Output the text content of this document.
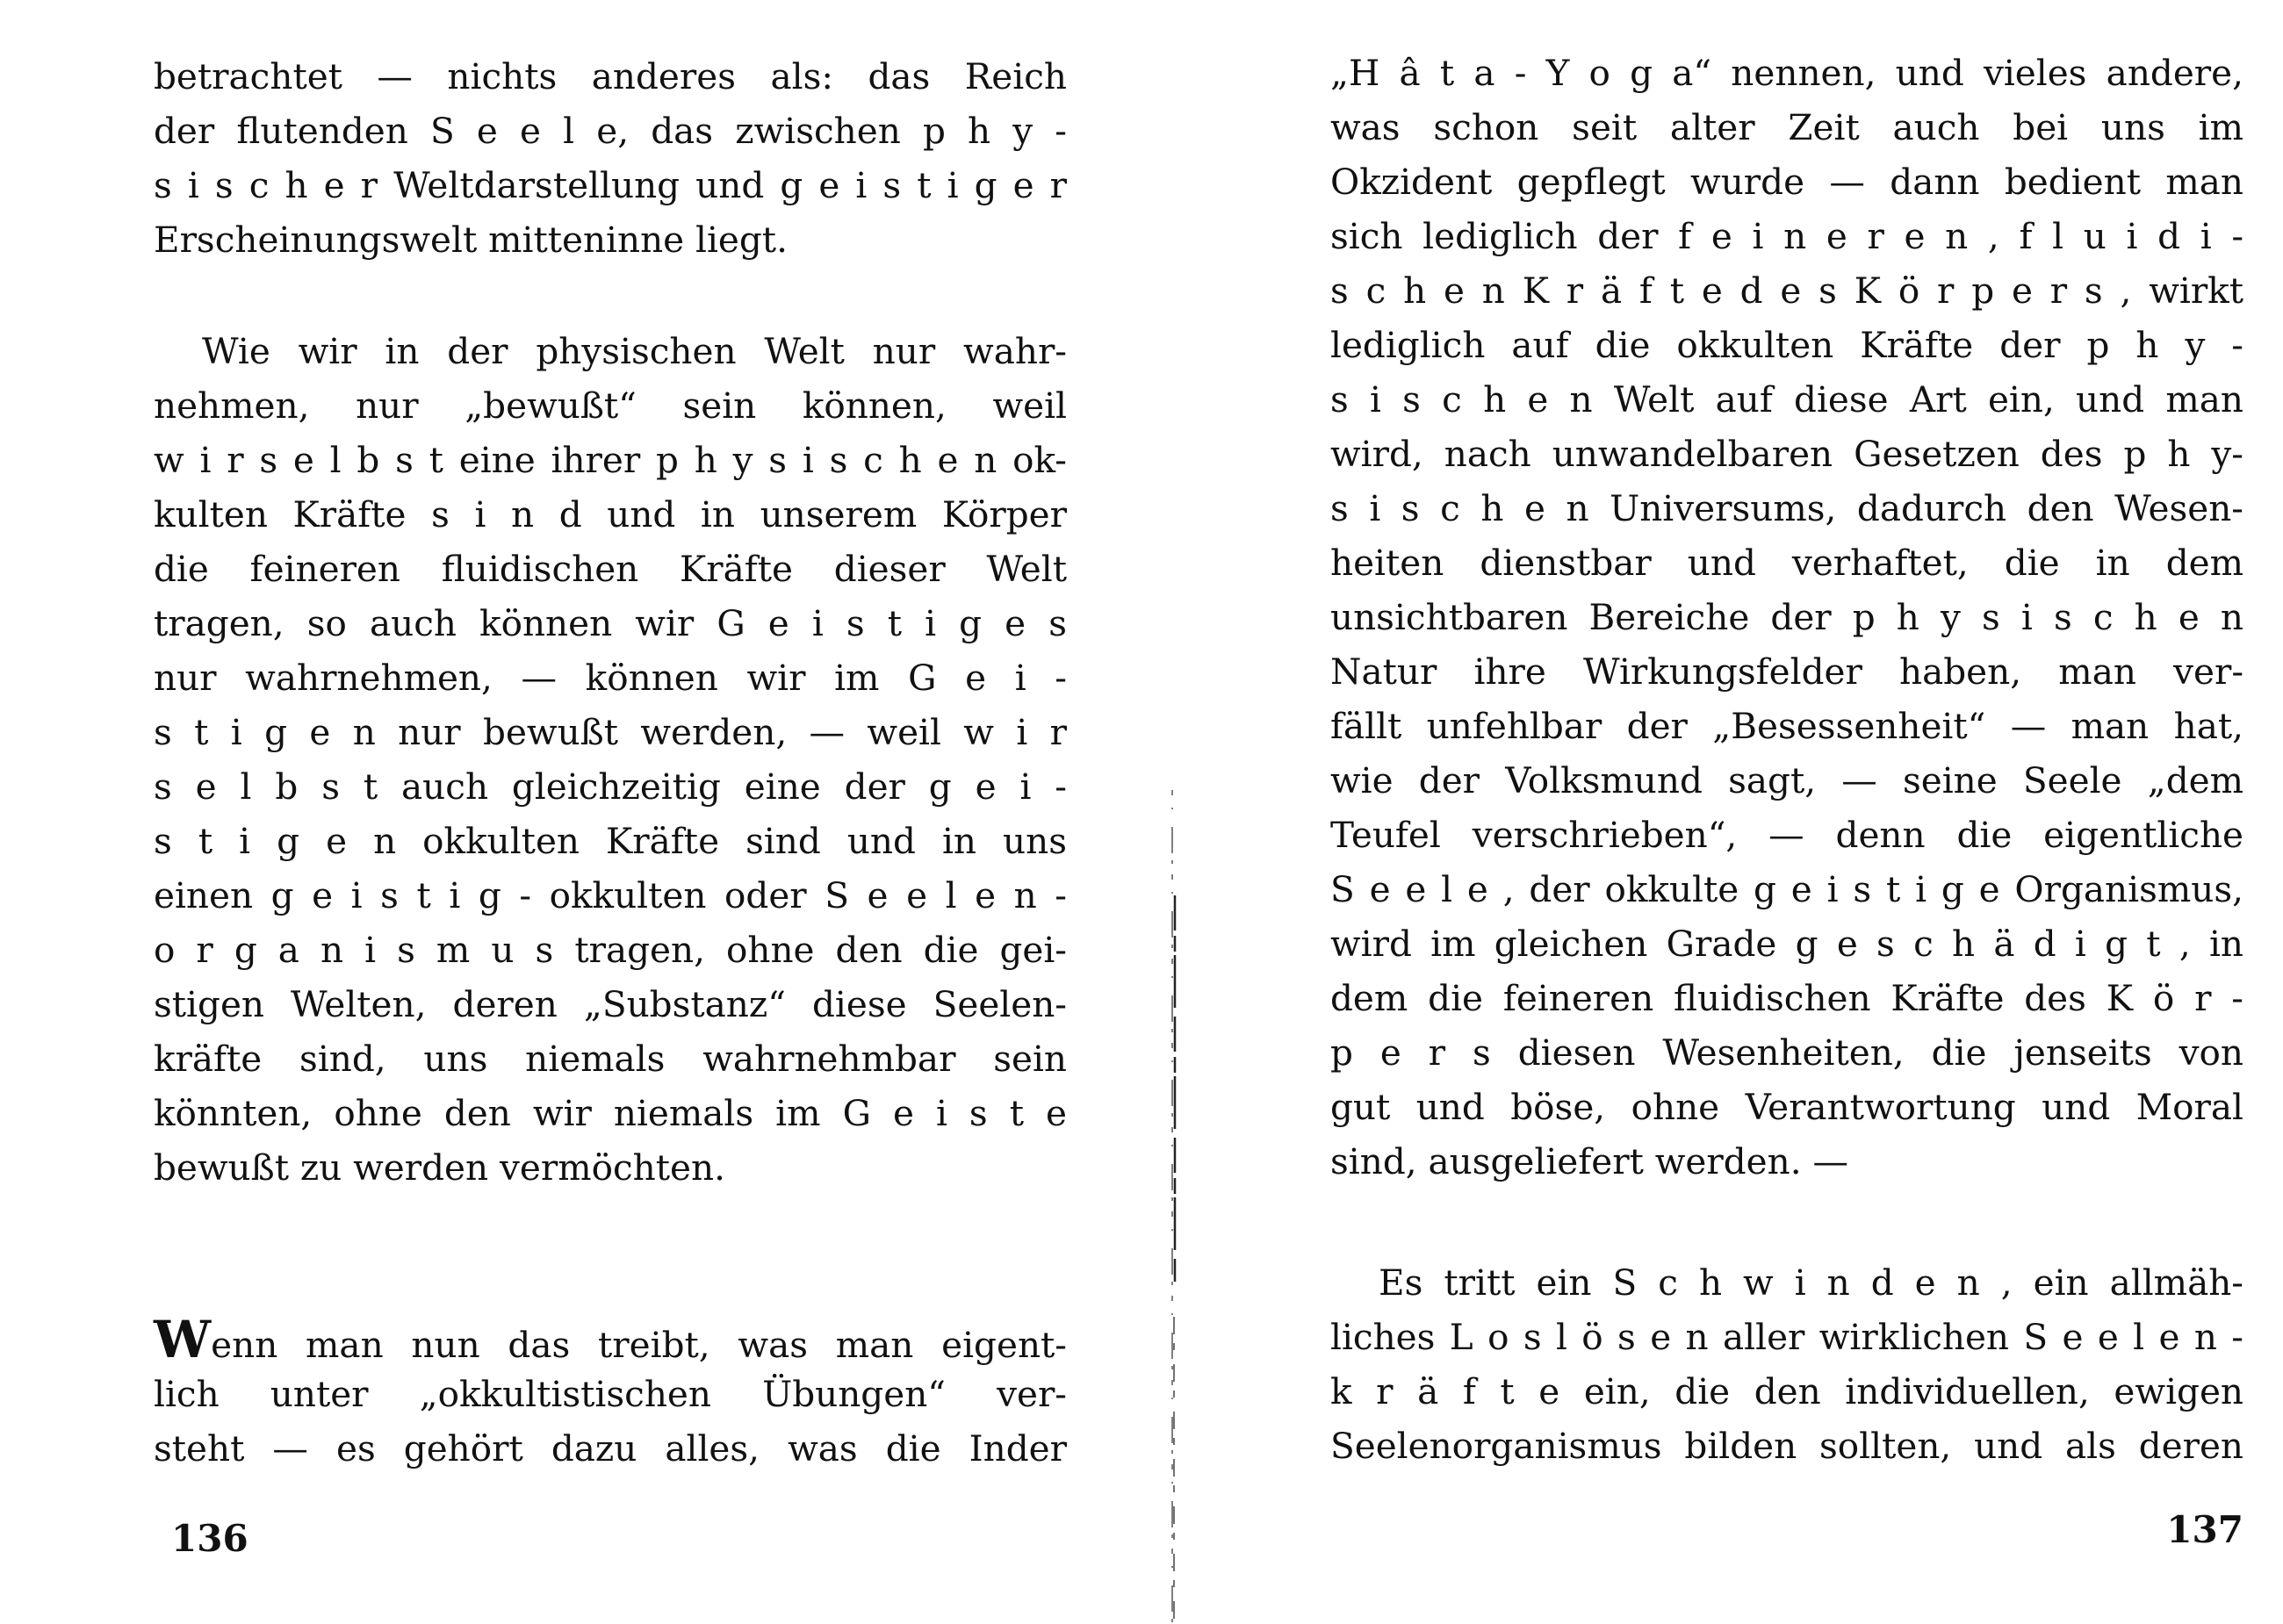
betrachtet — nichts anderes als: das Reich
der flutenden S e e l e, das zwischen p h y -
s i s c h e r Weltdarstellung und g e i s t i g e r
Erscheinungswelt mitteninne liegt.
Wie wir in der physischen Welt nur wahr-
nehmen, nur „bewußt“ sein können, weil
w i r s e l b s t eine ihrer p h y s i s c h e n ok-
kulten Kräfte s i n d und in unserem Körper
die feineren fluidischen Kräfte dieser Welt
tragen, so auch können wir G e i s t i g e s
nur wahrnehmen, — können wir im G e i -
s t i g e n nur bewußt werden, — weil w i r
s e l b s t auch gleichzeitig eine der g e i -
s t i g e n okkulten Kräfte sind und in uns
einen g e i s t i g - okkulten oder S e e l e n -
o r g a n i s m u s tragen, ohne den die gei-
stigen Welten, deren „Substanz“ diese Seelen-
kräfte sind, uns niemals wahrnehmbar sein
könnten, ohne den wir niemals im G e i s t e
bewußt zu werden vermöchten.
Wenn man nun das treibt, was man eigent-
lich unter „okkultistischen Übungen“ ver-
steht — es gehört dazu alles, was die Inder
136
„H â t a - Y o g a“ nennen, und vieles andere,
was schon seit alter Zeit auch bei uns im
Okzident gepflegt wurde — dann bedient man
sich lediglich der f e i n e r e n , f l u i d i -
s c h e n K r ä f t e d e s K ö r p e r s , wirkt
lediglich auf die okkulten Kräfte der p h y -
s i s c h e n Welt auf diese Art ein, und man
wird, nach unwandelbaren Gesetzen des p h y-
s i s c h e n Universums, dadurch den Wesen-
heiten dienstbar und verhaftet, die in dem
unsichtbaren Bereiche der p h y s i s c h e n
Natur ihre Wirkungsfelder haben, man ver-
fällt unfehlbar der „Besessenheit“ — man hat,
wie der Volksmund sagt, — seine Seele „dem
Teufel verschrieben“, — denn die eigentliche
S e e l e , der okkulte g e i s t i g e Organismus,
wird im gleichen Grade g e s c h ä d i g t , in
dem die feineren fluidischen Kräfte des K ö r -
p e r s diesen Wesenheiten, die jenseits von
gut und böse, ohne Verantwortung und Moral
sind, ausgeliefert werden. —
Es tritt ein S c h w i n d e n , ein allmäh-
liches L o s l ö s e n aller wirklichen S e e l e n -
k r ä f t e ein, die den individuellen, ewigen
Seelenorganismus bilden sollten, und als deren
137
